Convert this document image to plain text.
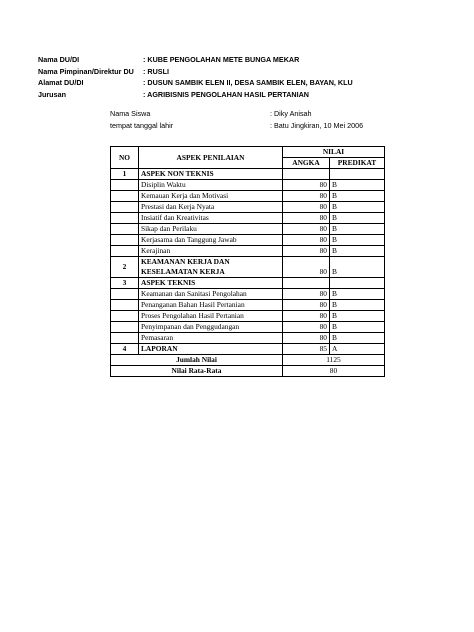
Nama DU/DI	: KUBE PENGOLAHAN METE BUNGA MEKAR
Nama Pimpinan/Direktur DU	: RUSLI
Alamat DU/DI	: DUSUN SAMBIK ELEN II, DESA SAMBIK ELEN, BAYAN, KLU
Jurusan	: AGRIBISNIS PENGOLAHAN HASIL PERTANIAN
Nama Siswa	: Diky Anisah
tempat tanggal lahir	: Batu Jingkiran, 10 Mei 2006
NO	ASPEK PENILAIAN	NILAI	
		ANGKA	PREDIKAT
1	ASPEK NON TEKNIS		
	Disiplin Waktu	80	B
	Kemauan Kerja dan Motivasi	80	B
	Prestasi dan Kerja Nyata	80	B
	Insiatif dan Kreativitas	80	B
	Sikap dan Perilaku	80	B
	Kerjasama dan Tanggung Jawab	80	B
	Kerajinan	80	B
2	KEAMANAN KERJA DAN KESELAMATAN KERJA	80	B
3	ASPEK TEKNIS		
	Keamanan dan Sanitasi Pengolahan	80	B
	Penanganan Bahan Hasil Pertanian	80	B
	Proses Pengolahan Hasil Pertanian	80	B
	Penyimpanan dan Penggudangan	80	B
	Pemasaran	80	B
4	LAPORAN	85	A
Jumlah Nilai		1125	
Nilai Rata-Rata		80	
